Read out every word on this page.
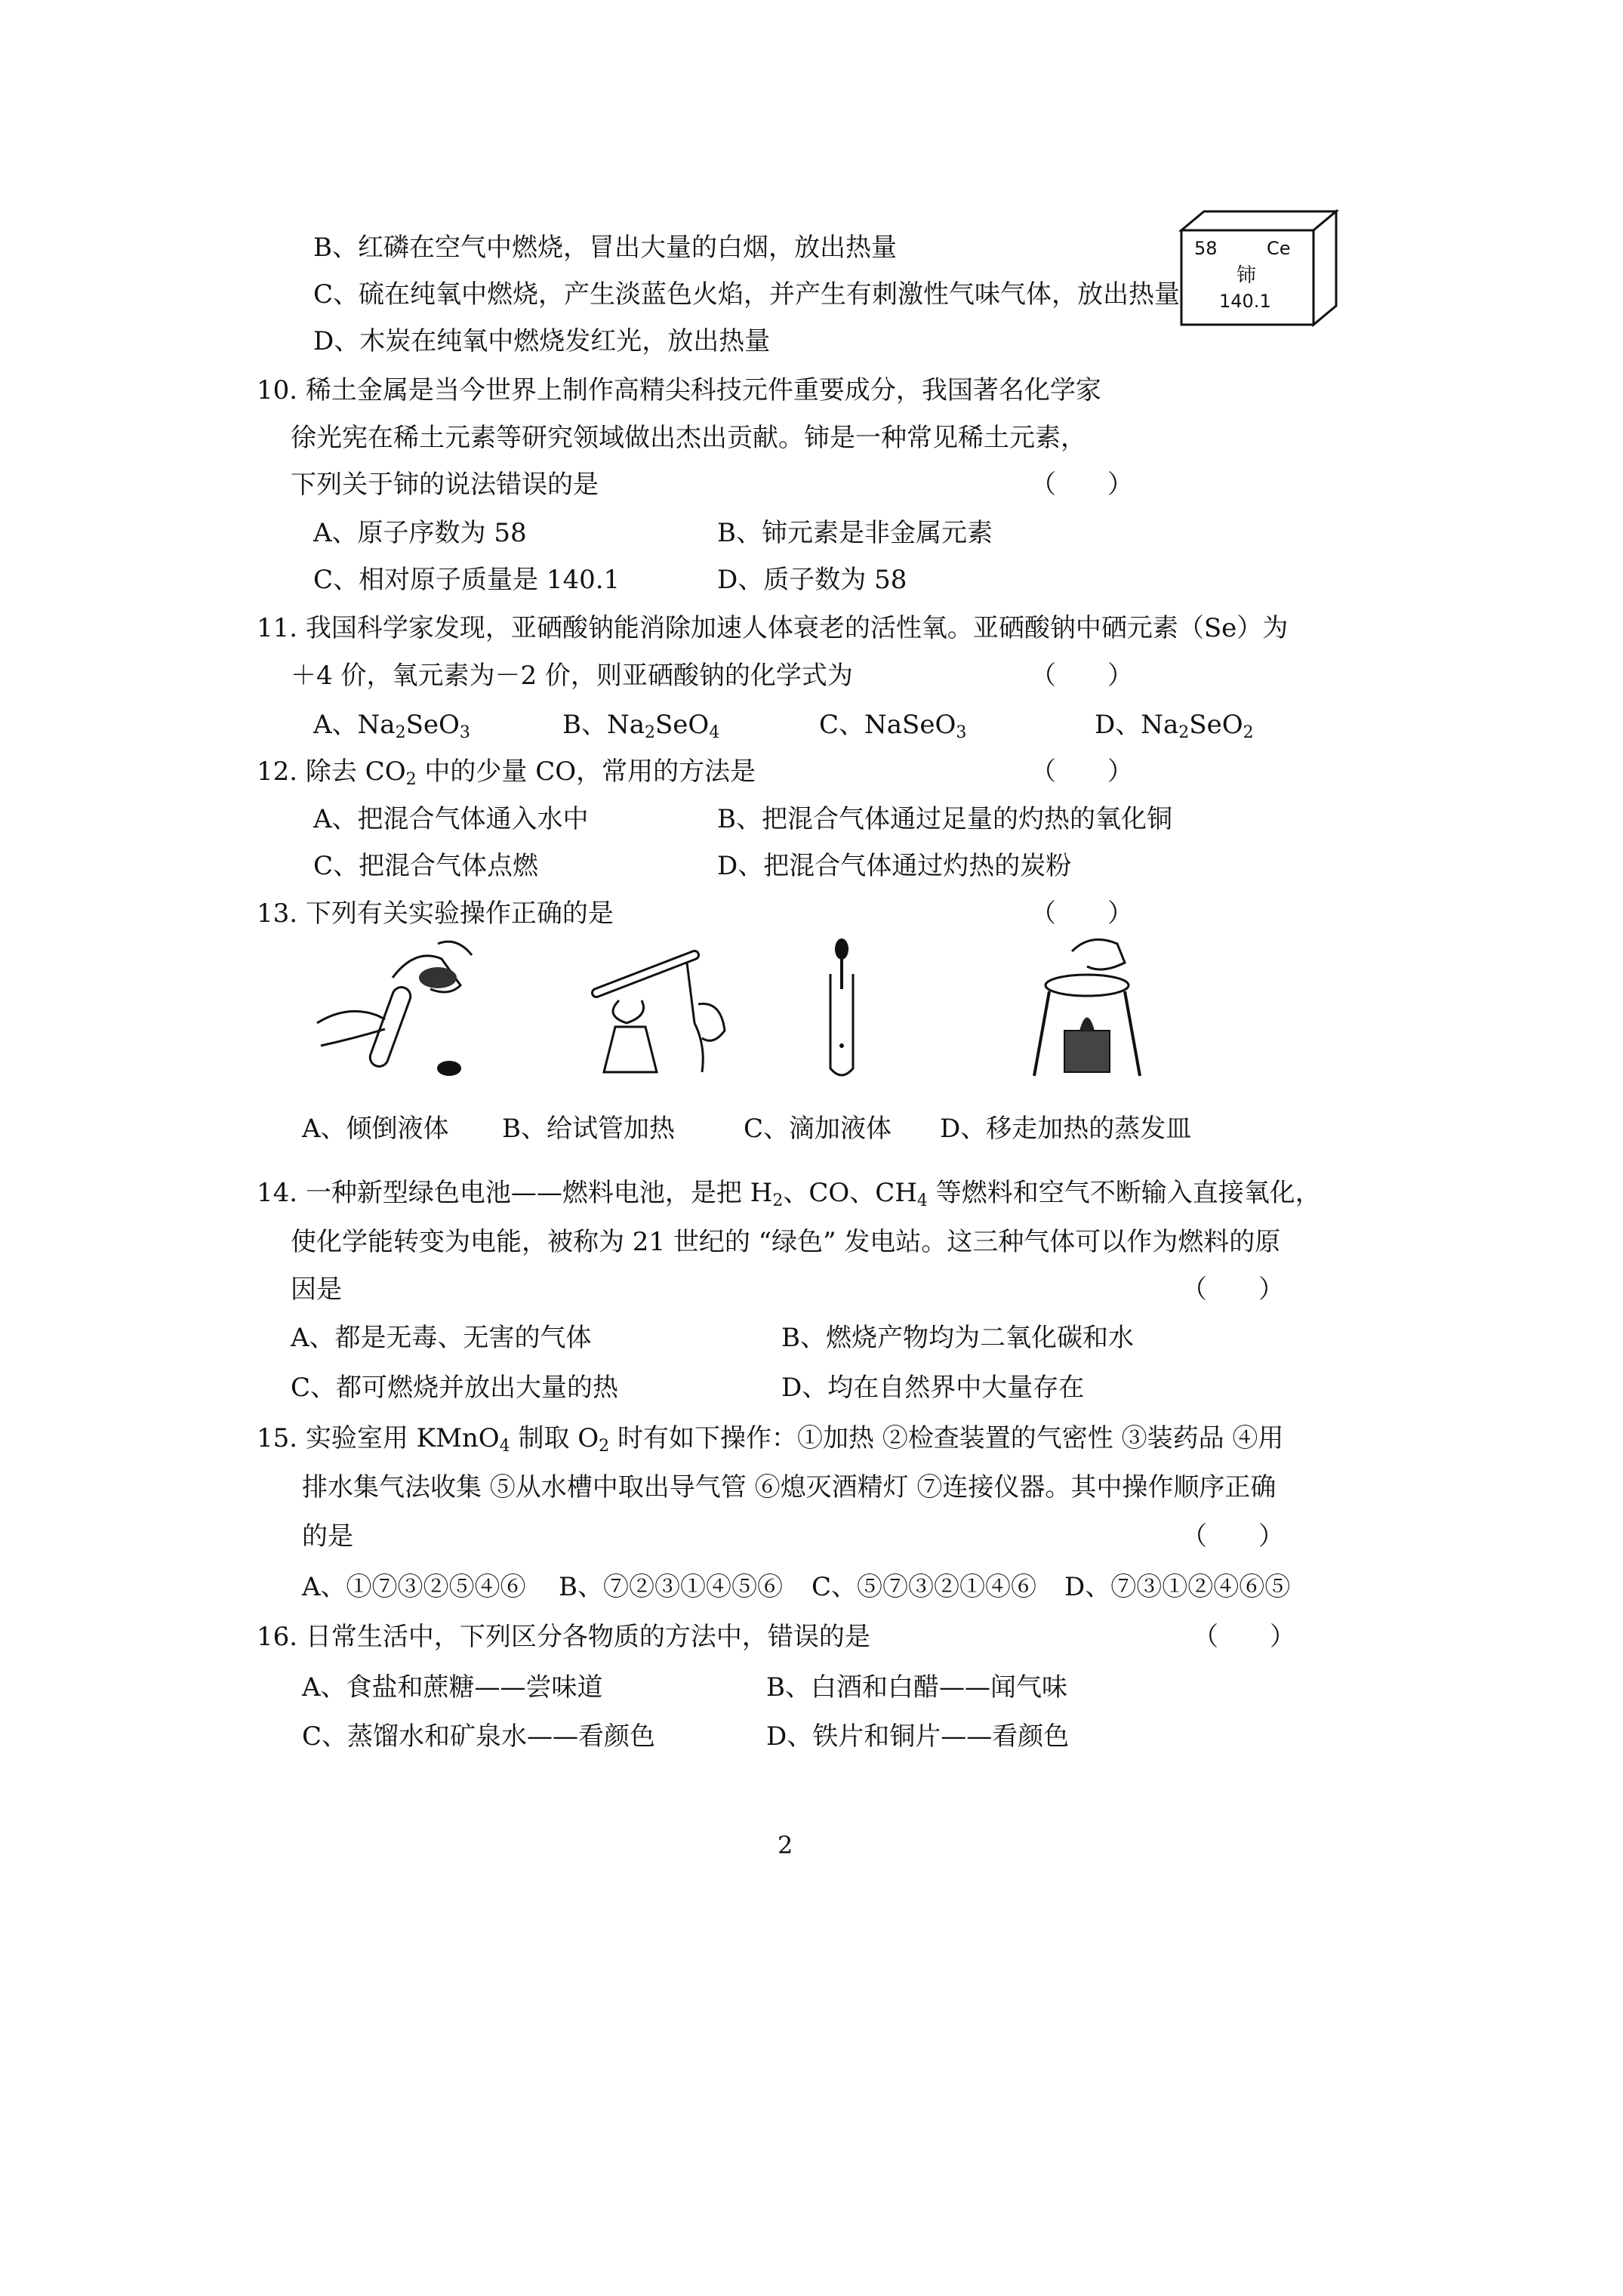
B、红磷在空气中燃烧，冒出大量的白烟，放出热量
C、硫在纯氧中燃烧，产生淡蓝色火焰，并产生有刺激性气味气体，放出热量
D、木炭在纯氧中燃烧发红光，放出热量
10. 稀土金属是当今世界上制作高精尖科技元件重要成分，我国著名化学家
徐光宪在稀土元素等研究领域做出杰出贡献。铈是一种常见稀土元素，
下列关于铈的说法错误的是	（　　）
A、原子序数为 58	B、铈元素是非金属元素
C、相对原子质量是 140.1	D、质子数为 58
58	Ce
铈
140.1
11. 我国科学家发现，亚硒酸钠能消除加速人体衰老的活性氧。亚硒酸钠中硒元素（Se）为
＋4 价，氧元素为－2 价，则亚硒酸钠的化学式为	（　　）
A、$Na_2SeO_3$	B、$Na_2SeO_4$	C、NaSeO$_3$	D、$Na_2SeO_2$
12. 除去 $CO_2$ 中的少量 CO，常用的方法是	（　　）
A、把混合气体通入水中	B、把混合气体通过足量的灼热的氧化铜
C、把混合气体点燃	D、把混合气体通过灼热的炭粉
13. 下列有关实验操作正确的是	（　　）
A、倾倒液体 B、给试管加热	C、滴加液体 D、移走加热的蒸发皿
14. 一种新型绿色电池——燃料电池，是把 $H_2$、CO、$CH_4$ 等燃料和空气不断输入直接氧化，
使化学能转变为电能，被称为 21 世纪的 “绿色” 发电站。这三种气体可以作为燃料的原
因是	（　　）
A、都是无毒、无害的气体	B、燃烧产物均为二氧化碳和水
C、都可燃烧并放出大量的热	D、均在自然界中大量存在
15. 实验室用 KMnO$_4$ 制取 $O_2$ 时有如下操作：①加热 ②检查装置的气密性 ③装药品 ④用
排水集气法收集 ⑤从水槽中取出导气管 ⑥熄灭酒精灯 ⑦连接仪器。其中操作顺序正确
的是	（　　）
A、①⑦③②⑤④⑥ B、⑦②③①④⑤⑥ C、⑤⑦③②①④⑥ D、⑦③①②④⑥⑤
16. 日常生活中，下列区分各物质的方法中，错误的是	（　　）
A、食盐和蔗糖——尝味道	B、白酒和白醋——闻气味
C、蒸馏水和矿泉水——看颜色	D、铁片和铜片——看颜色
2
